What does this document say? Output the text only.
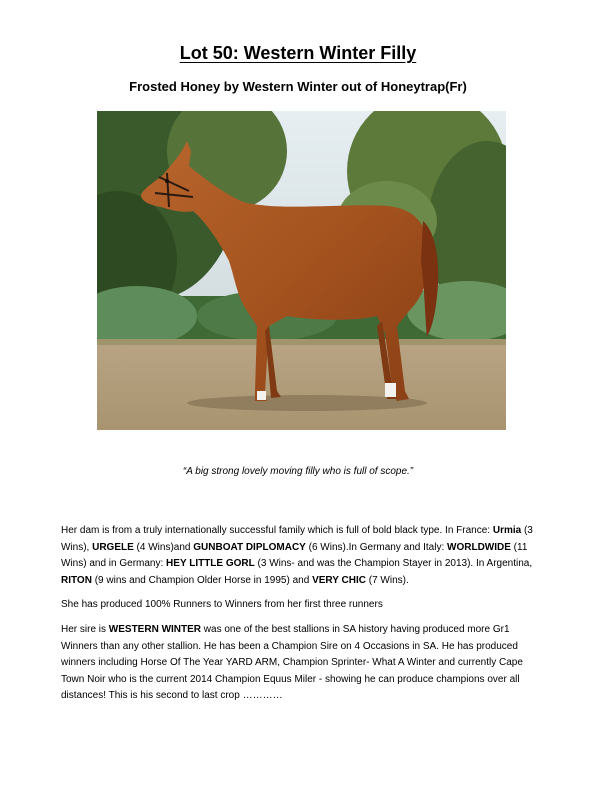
Lot 50: Western Winter Filly
Frosted Honey by Western Winter out of Honeytrap(Fr)
“A big strong lovely moving filly who is full of scope.”

Her dam is from a truly internationally successful family which is full of bold black type. In France: Urmia (3 Wins), URGELE (4 Wins)and GUNBOAT DIPLOMACY (6 Wins).In Germany and Italy: WORLDWIDE (11 Wins) and in Germany: HEY LITTLE GORL (3 Wins- and was the Champion Stayer in 2013). In Argentina, RITON (9 wins and Champion Older Horse in 1995) and VERY CHIC (7 Wins).

She has produced 100% Runners to Winners from her first three runners

Her sire is WESTERN WINTER was one of the best stallions in SA history having produced more Gr1 Winners than any other stallion. He has been a Champion Sire on 4 Occasions in SA. He has produced winners including Horse Of The Year YARD ARM, Champion Sprinter- What A Winter and currently Cape Town Noir who is the current 2014 Champion Equus Miler - showing he can produce champions over all distances! This is his second to last crop …………
